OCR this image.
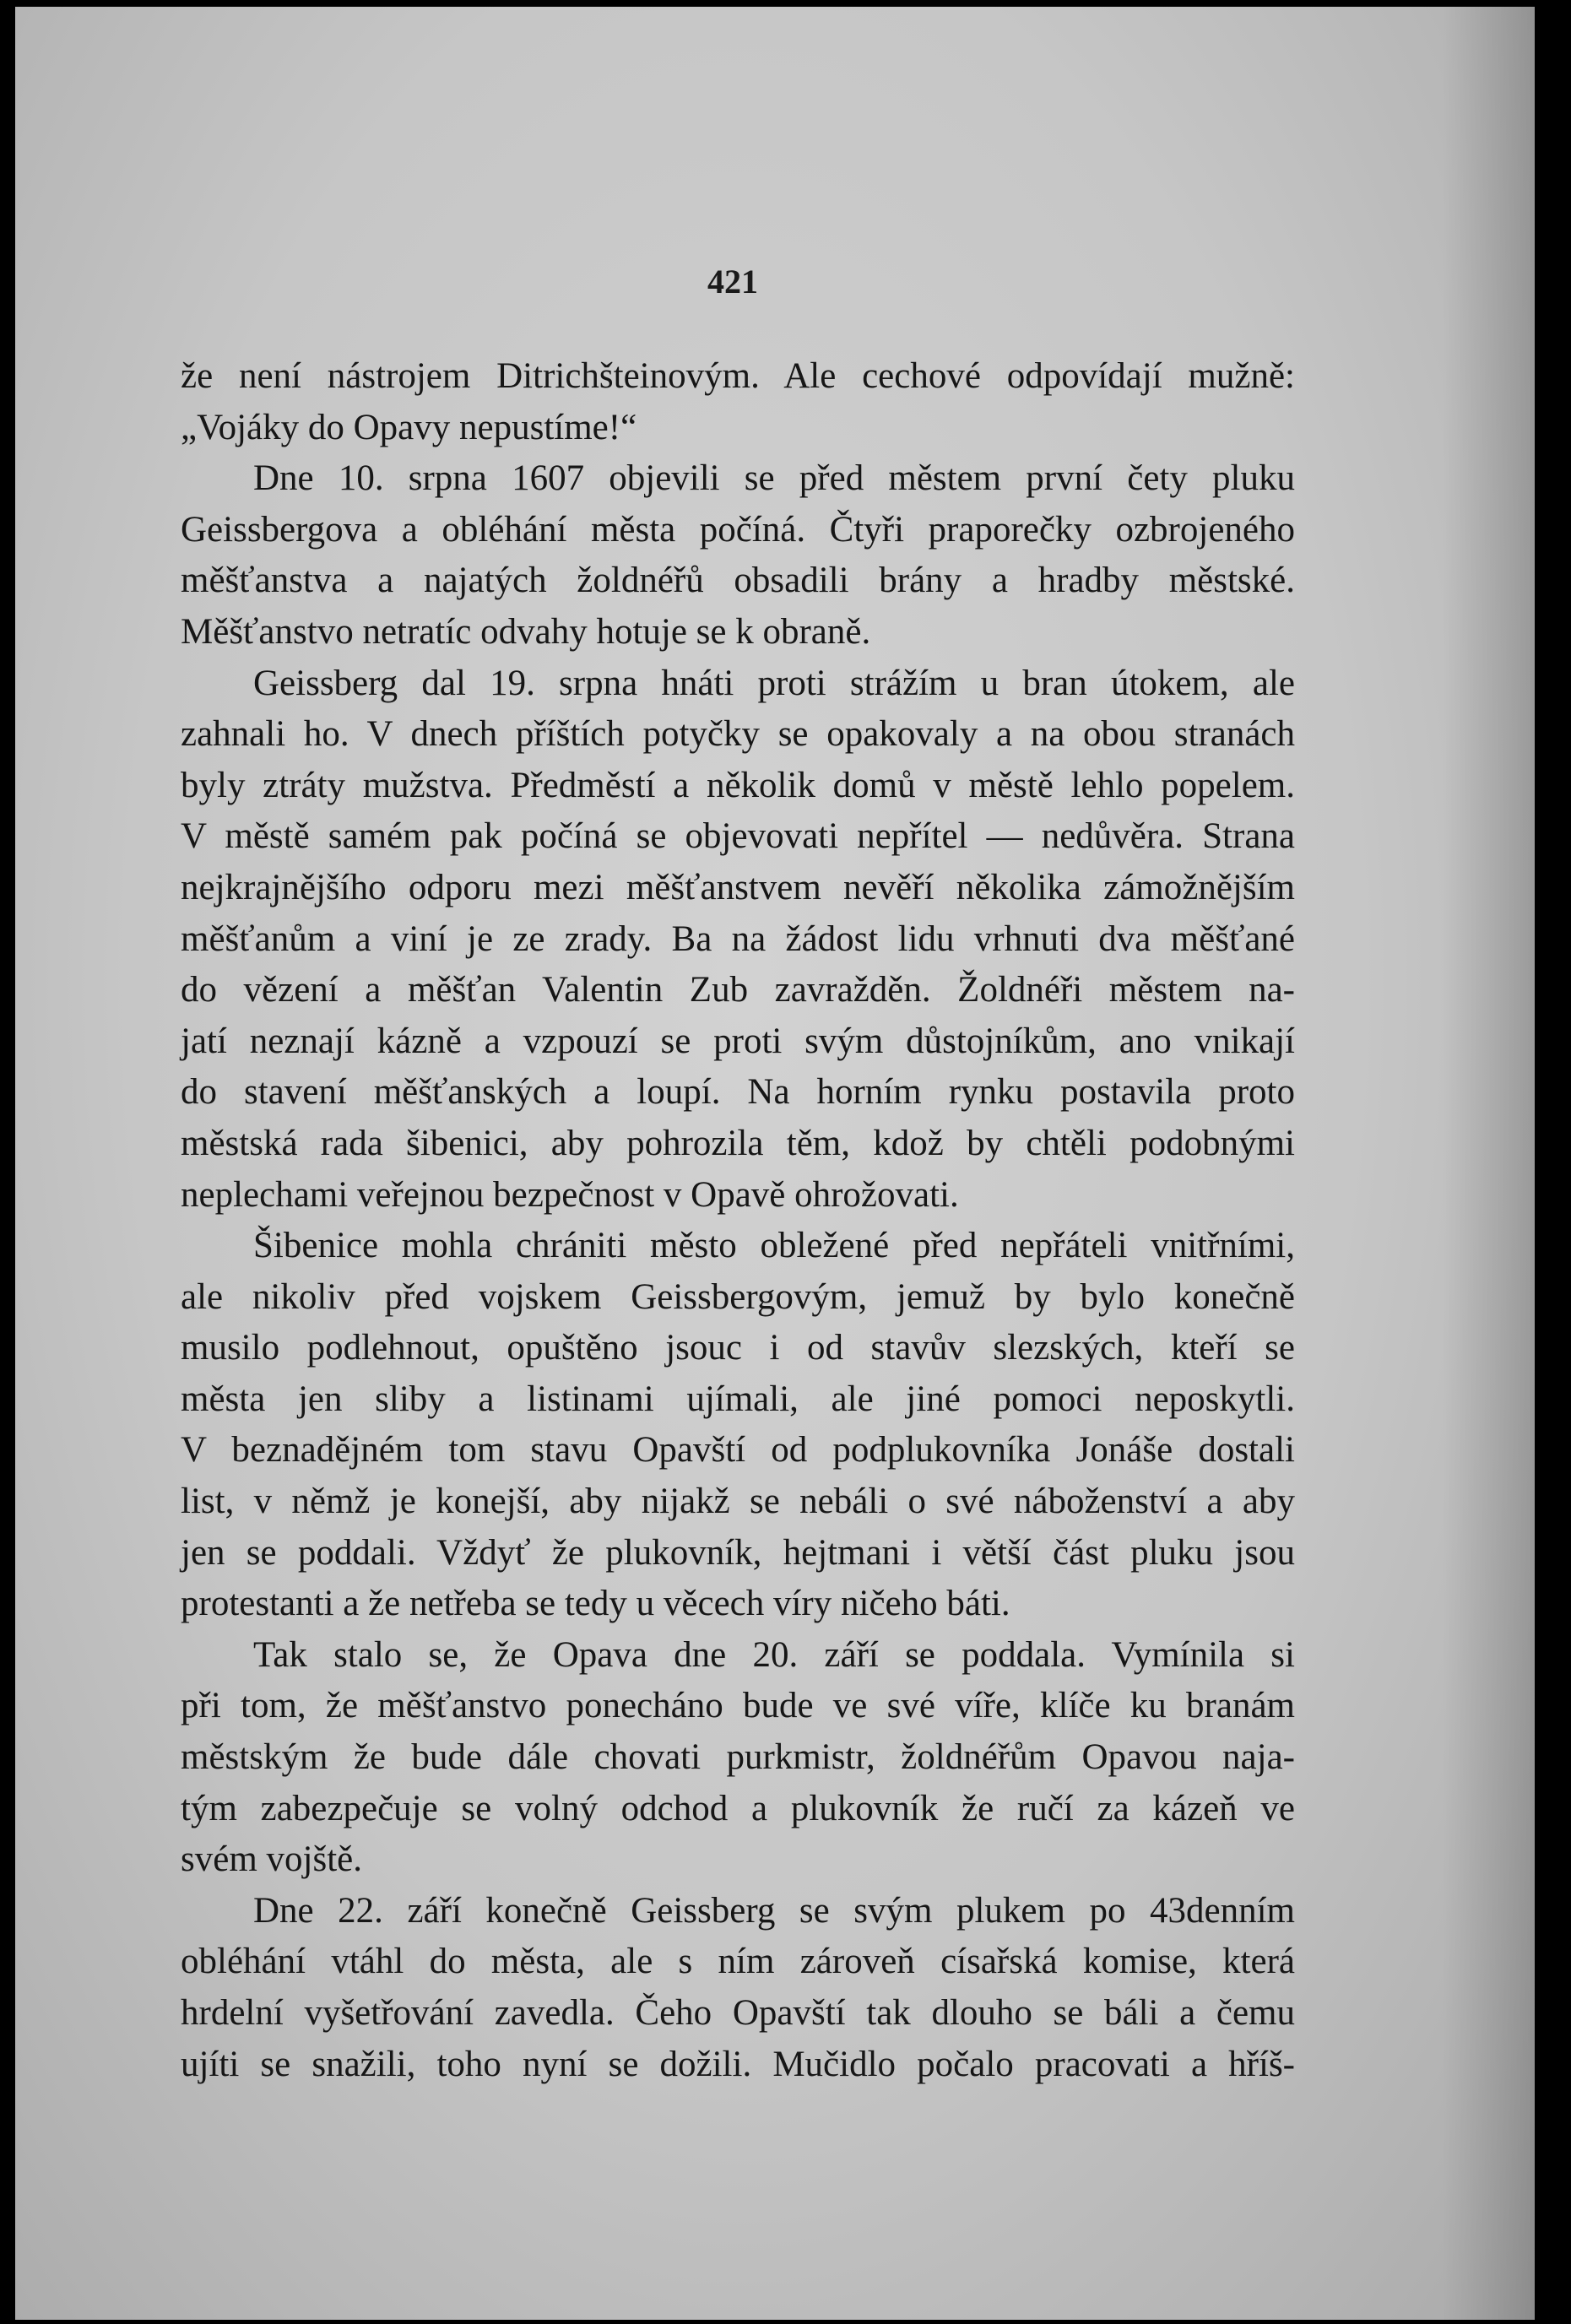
421
že není nástrojem Ditrichšteinovým. Ale cechové odpovídají mužně:
„Vojáky do Opavy nepustíme!“
Dne 10. srpna 1607 objevili se před městem první čety pluku
Geissbergova a obléhání města počíná. Čtyři praporečky ozbrojeného
měšťanstva a najatých žoldnéřů obsadili brány a hradby městské.
Měšťanstvo netratíc odvahy hotuje se k obraně.
Geissberg dal 19. srpna hnáti proti strážím u bran útokem, ale
zahnali ho. V dnech příštích potyčky se opakovaly a na obou stranách
byly ztráty mužstva. Předměstí a několik domů v městě lehlo popelem.
V městě samém pak počíná se objevovati nepřítel — nedůvěra. Strana
nejkrajnějšího odporu mezi měšťanstvem nevěří několika zámožnějším
měšťanům a viní je ze zrady. Ba na žádost lidu vrhnuti dva měšťané
do vězení a měšťan Valentin Zub zavražděn. Žoldnéři městem na-
jatí neznají kázně a vzpouzí se proti svým důstojníkům, ano vnikají
do stavení měšťanských a loupí. Na horním rynku postavila proto
městská rada šibenici, aby pohrozila těm, kdož by chtěli podobnými
neplechami veřejnou bezpečnost v Opavě ohrožovati.
Šibenice mohla chrániti město obležené před nepřáteli vnitřními,
ale nikoliv před vojskem Geissbergovým, jemuž by bylo konečně
musilo podlehnout, opuštěno jsouc i od stavův slezských, kteří se
města jen sliby a listinami ujímali, ale jiné pomoci neposkytli.
V beznadějném tom stavu Opavští od podplukovníka Jonáše dostali
list, v němž je konejší, aby nijakž se nebáli o své náboženství a aby
jen se poddali. Vždyť že plukovník, hejtmani i větší část pluku jsou
protestanti a že netřeba se tedy u věcech víry ničeho báti.
Tak stalo se, že Opava dne 20. září se poddala. Vymínila si
při tom, že měšťanstvo ponecháno bude ve své víře, klíče ku branám
městským že bude dále chovati purkmistr, žoldnéřům Opavou naja-
tým zabezpečuje se volný odchod a plukovník že ručí za kázeň ve
svém vojště.
Dne 22. září konečně Geissberg se svým plukem po 43denním
obléhání vtáhl do města, ale s ním zároveň císařská komise, která
hrdelní vyšetřování zavedla. Čeho Opavští tak dlouho se báli a čemu
ujíti se snažili, toho nyní se dožili. Mučidlo počalo pracovati a hříš-
